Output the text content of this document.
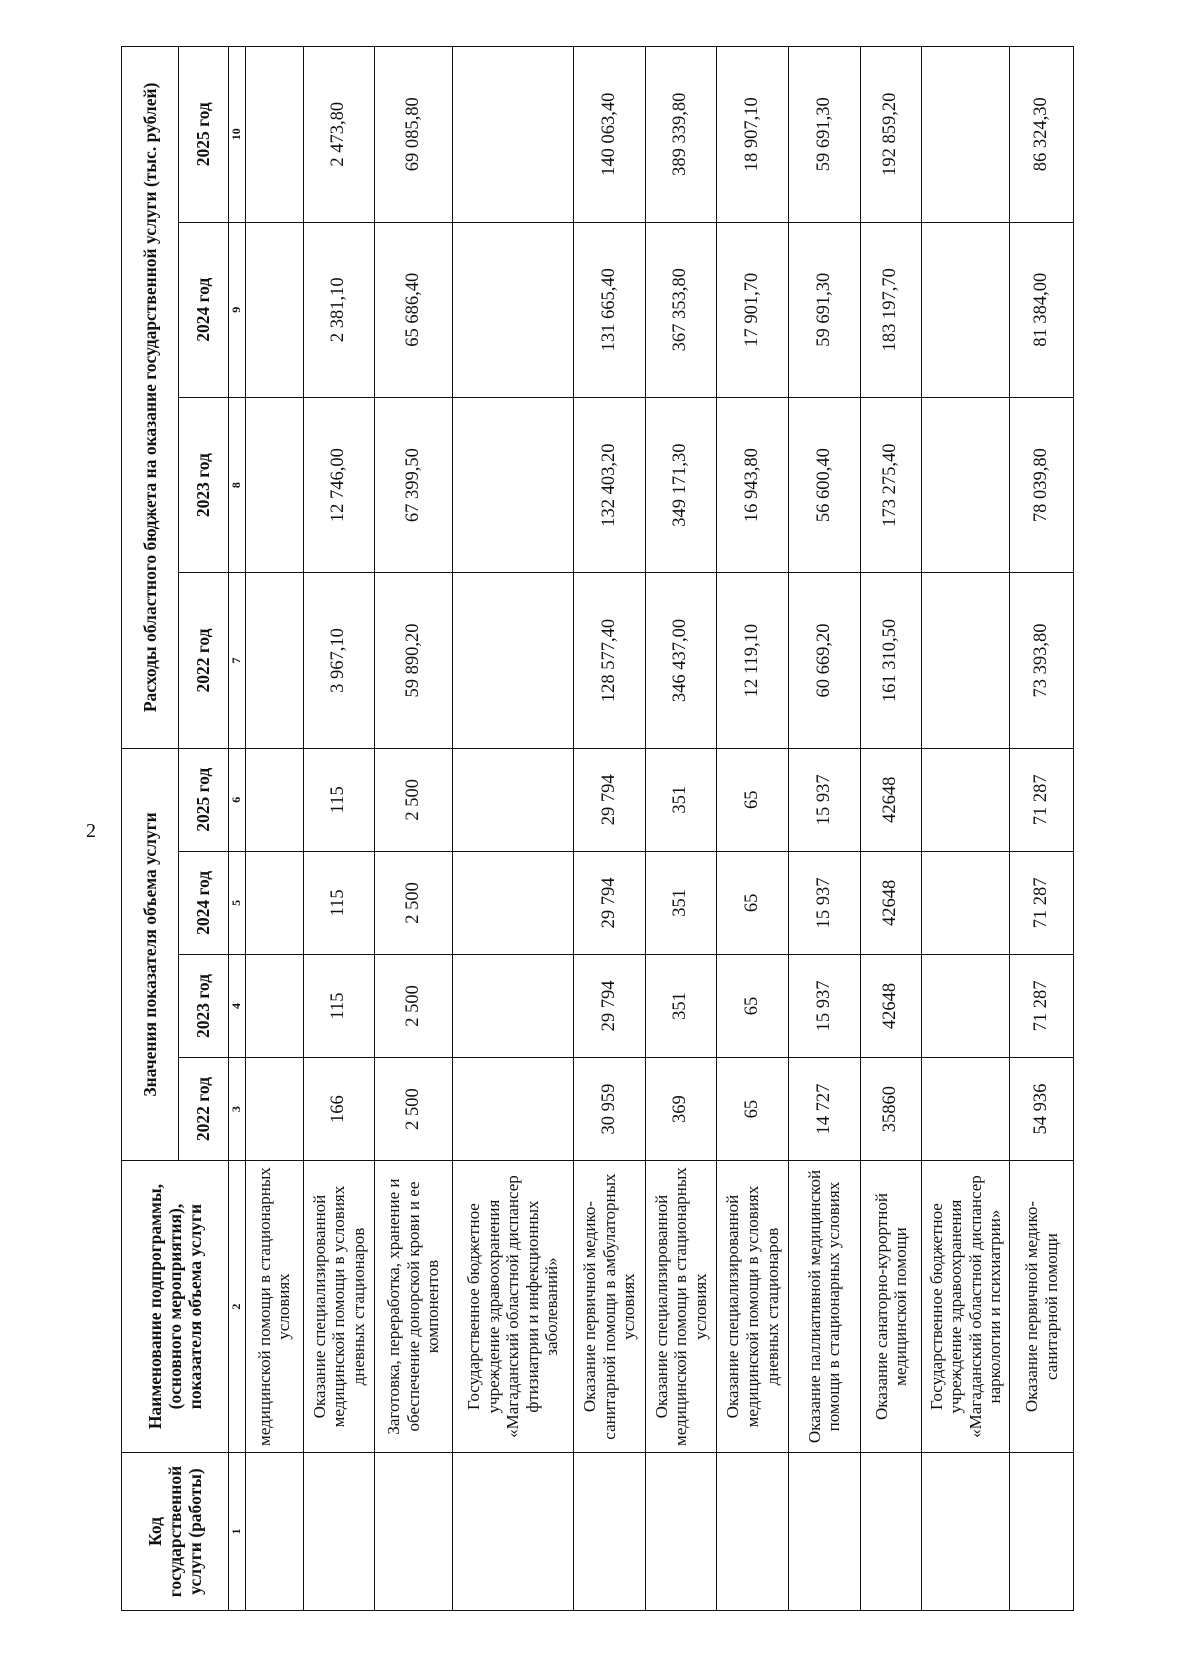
2
Код государственной услуги (работы)	Наименование подпрограммы, (основного мероприятия), показателя объема услуги	Значения показателя объема услуги				Расходы областного бюджета на оказание государственной услуги (тыс. рублей)			
		2022 год	2023 год	2024 год	2025 год	2022 год	2023 год	2024 год	2025 год
1	2	3	4	5	6	7	8	9	10
	медицинской помощи в стационарных условиях								
	Оказание специализированной медицинской помощи в условиях дневных стационаров	166	115	115	115	3 967,10	12 746,00	2 381,10	2 473,80
	Заготовка, переработка, хранение и обеспечение донорской крови и ее компонентов	2 500	2 500	2 500	2 500	59 890,20	67 399,50	65 686,40	69 085,80
	Государственное бюджетное учреждение здравоохранения «Магаданский областной диспансер фтизиатрии и инфекционных заболеваний»								
	Оказание первичной медико-санитарной помощи в амбулаторных условиях	30 959	29 794	29 794	29 794	128 577,40	132 403,20	131 665,40	140 063,40
	Оказание специализированной медицинской помощи в стационарных условиях	369	351	351	351	346 437,00	349 171,30	367 353,80	389 339,80
	Оказание специализированной медицинской помощи в условиях дневных стационаров	65	65	65	65	12 119,10	16 943,80	17 901,70	18 907,10
	Оказание паллиативной медицинской помощи в стационарных условиях	14 727	15 937	15 937	15 937	60 669,20	56 600,40	59 691,30	59 691,30
	Оказание санаторно-курортной медицинской помощи	35860	42648	42648	42648	161 310,50	173 275,40	183 197,70	192 859,20
	Государственное бюджетное учреждение здравоохранения «Магаданский областной диспансер наркологии и психиатрии»								
	Оказание первичной медико-санитарной помощи	54 936	71 287	71 287	71 287	73 393,80	78 039,80	81 384,00	86 324,30
